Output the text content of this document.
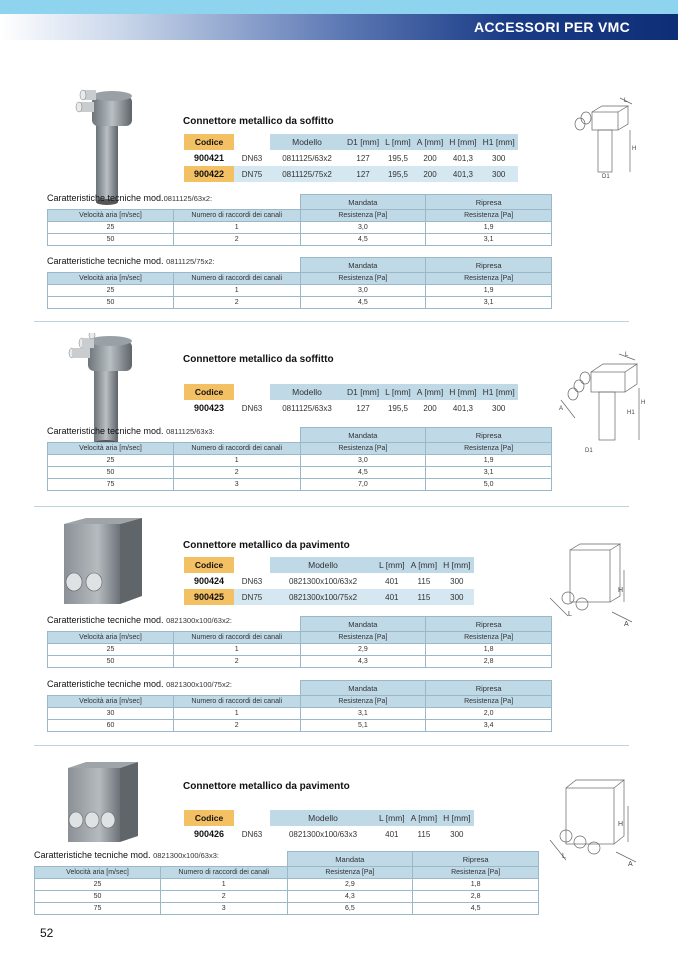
ACCESSORI PER VMC
Connettore metallico da soffitto
Codice		Modello	D1 [mm]	L [mm]	A [mm]	H [mm]	H1 [mm]
900421	DN63	0811125/63x2	127	195,5	200	401,3	300
900422	DN75	0811125/75x2	127	195,5	200	401,3	300
L
H
D1
Caratteristiche tecniche mod.0811125/63x2:
			Mandata	Ripresa
Velocità aria [m/sec]	Numero di raccordi dei canali	Resistenza [Pa]	Resistenza [Pa]
25	1	3,0	1,9
50	2	4,5	3,1
Caratteristiche tecniche mod. 0811125/75x2:
			Mandata	Ripresa
Velocità aria [m/sec]	Numero di raccordi dei canali	Resistenza [Pa]	Resistenza [Pa]
25	1	3,0	1,9
50	2	4,5	3,1
Connettore metallico da soffitto
Codice		Modello	D1 [mm]	L [mm]	A [mm]	H [mm]	H1 [mm]
900423	DN63	0811125/63x3	127	195,5	200	401,3	300
L
A
H1
H
D1
Caratteristiche tecniche mod. 0811125/63x3:
			Mandata	Ripresa
Velocità aria [m/sec]	Numero di raccordi dei canali	Resistenza [Pa]	Resistenza [Pa]
25	1	3,0	1,9
50	2	4,5	3,1
75	3	7,0	5,0
Connettore metallico da pavimento
Codice		Modello	L [mm]	A [mm]	H [mm]
900424	DN63	0821300x100/63x2	401	115	300
900425	DN75	0821300x100/75x2	401	115	300
H
L
A
Caratteristiche tecniche mod. 0821300x100/63x2:
			Mandata	Ripresa
Velocità aria [m/sec]	Numero di raccordi dei canali	Resistenza [Pa]	Resistenza [Pa]
25	1	2,9	1,8
50	2	4,3	2,8
Caratteristiche tecniche mod. 0821300x100/75x2:
			Mandata	Ripresa
Velocità aria [m/sec]	Numero di raccordi dei canali	Resistenza [Pa]	Resistenza [Pa]
30	1	3,1	2,0
60	2	5,1	3,4
Connettore metallico da pavimento
Codice		Modello	L [mm]	A [mm]	H [mm]
900426	DN63	0821300x100/63x3	401	115	300
H
L
A
Caratteristiche tecniche mod. 0821300x100/63x3:
			Mandata	Ripresa
Velocità aria [m/sec]	Numero di raccordi dei canali	Resistenza [Pa]	Resistenza [Pa]
25	1	2,9	1,8
50	2	4,3	2,8
75	3	6,5	4,5
52
